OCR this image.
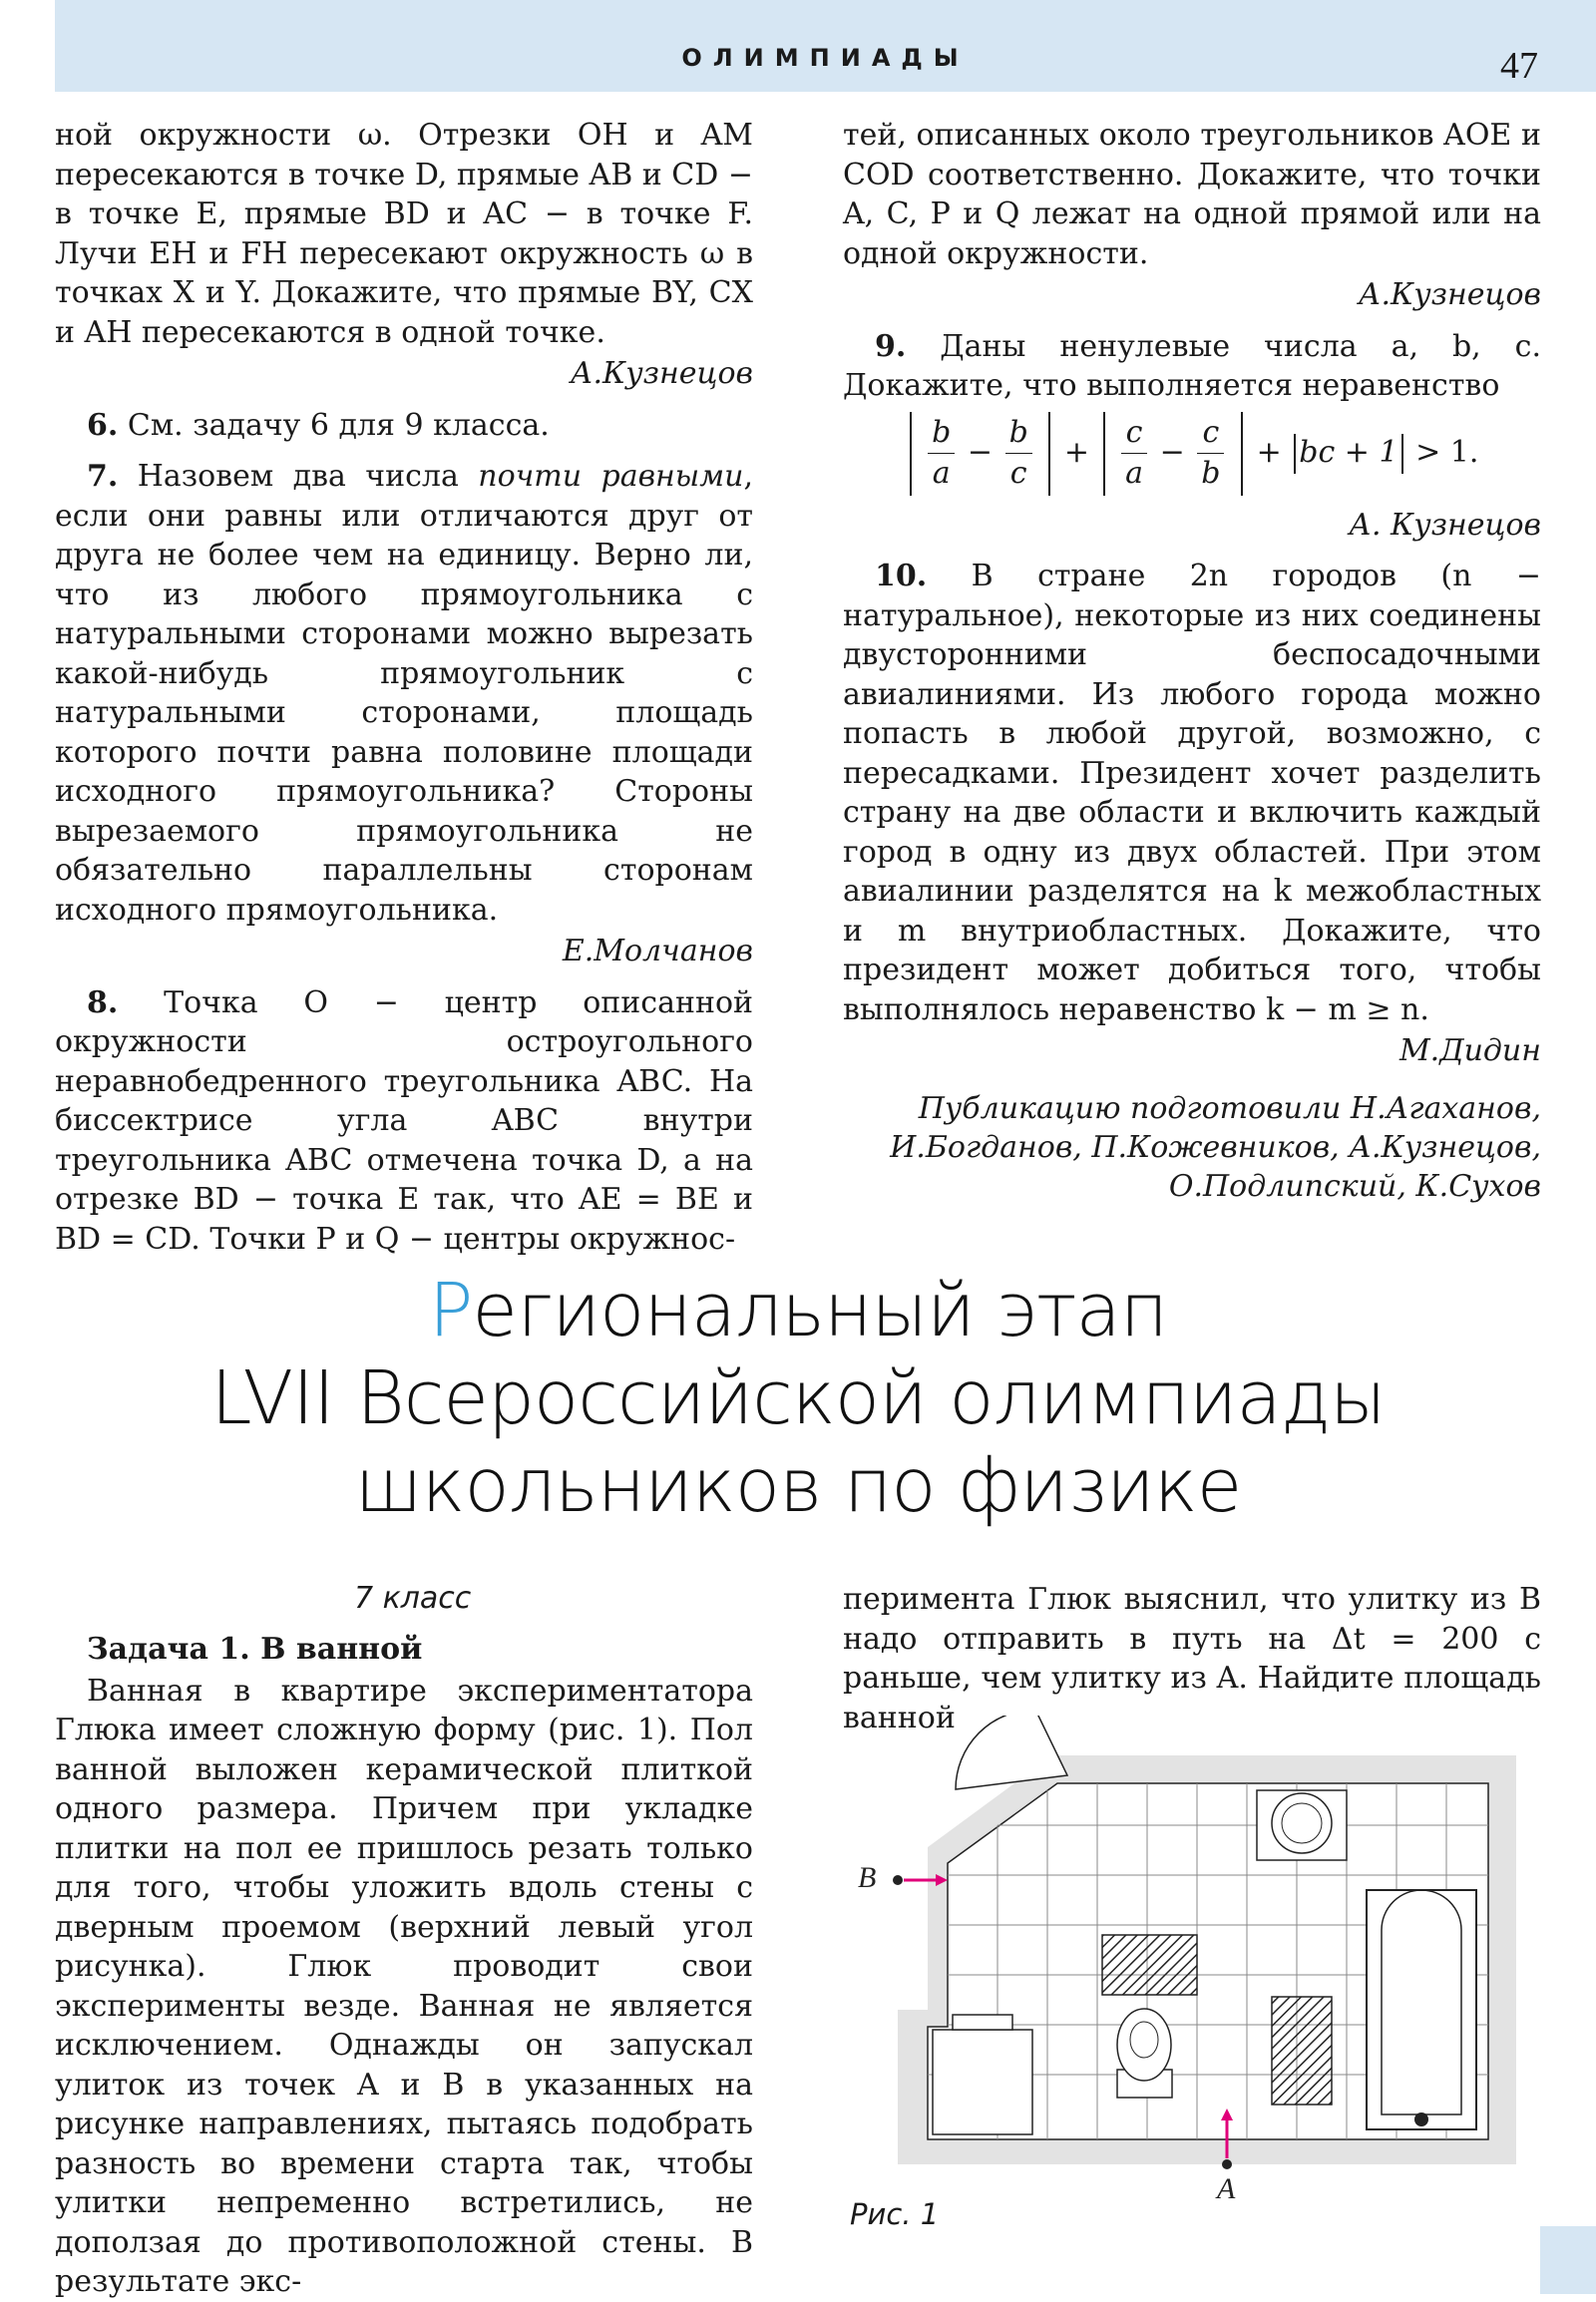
ОЛИМПИАДЫ	47

ной окружности ω. Отрезки OH и AM пересекаются в точке D, прямые AB и CD − в точке E, прямые BD и AC − в точке F. Лучи EH и FH пересекают окружность ω в точках X и Y. Докажите, что прямые BY, CX и AH пересекаются в одной точке.

А.Кузнецов

6. См. задачу 6 для 9 класса.

7. Назовем два числа почти равными, если они равны или отличаются друг от друга не более чем на единицу. Верно ли, что из любого прямоугольника с натуральными сторонами можно вырезать какой-нибудь прямоугольник с натуральными сторонами, площадь которого почти равна половине площади исходного прямоугольника? Стороны вырезаемого прямоугольника не обязательно параллельны сторонам исходного прямоугольника.

Е.Молчанов

8. Точка O − центр описанной окружности остроугольного неравнобедренного треугольника ABC. На биссектрисе угла ABC внутри треугольника ABC отмечена точка D, а на отрезке BD − точка E так, что AE = BE и BD = CD. Точки P и Q − центры окружнос-

тей, описанных около треугольников AOE и COD соответственно. Докажите, что точки A, C, P и Q лежат на одной прямой или на одной окружности.

А.Кузнецов

9. Даны ненулевые числа a, b, c. Докажите, что выполняется неравенство

$\frac{b}{a} - \frac{b}{c} + \frac{c}{a} - \frac{c}{b}$ + bc + 1 > 1.

А. Кузнецов

10. В стране 2n городов (n − натуральное), некоторые из них соединены двусторонними беспосадочными авиалиниями. Из любого города можно попасть в любой другой, возможно, с пересадками. Президент хочет разделить страну на две области и включить каждый город в одну из двух областей. При этом авиалинии разделятся на k межобластных и m внутриобластных. Докажите, что президент может добиться того, чтобы выполнялось неравенство k − m ≥ n.

М.Дидин

Публикацию подготовили Н.Агаханов,
И.Богданов, П.Кожевников, А.Кузнецов,
О.Подлипский, К.Сухов

Региональный этап
LVII Всероссийской олимпиады
школьников по физике
7 класс

Задача 1. В ванной

Ванная в квартире экспериментатора Глюка имеет сложную форму (рис. 1). Пол ванной выложен керамической плиткой одного размера. Причем при укладке плитки на пол ее пришлось резать только для того, чтобы уложить вдоль стены с дверным проемом (верхний левый угол рисунка). Глюк проводит свои эксперименты везде. Ванная не является исключением. Однажды он запускал улиток из точек A и B в указанных на рисунке направлениях, пытаясь подобрать разность во времени старта так, чтобы улитки непременно встретились, не доползая до противоположной стены. В результате экс-

перимента Глюк выяснил, что улитку из B надо отправить в путь на Δt = 200 с раньше, чем улитку из A. Найдите площадь ванной

B
A
Рис. 1
